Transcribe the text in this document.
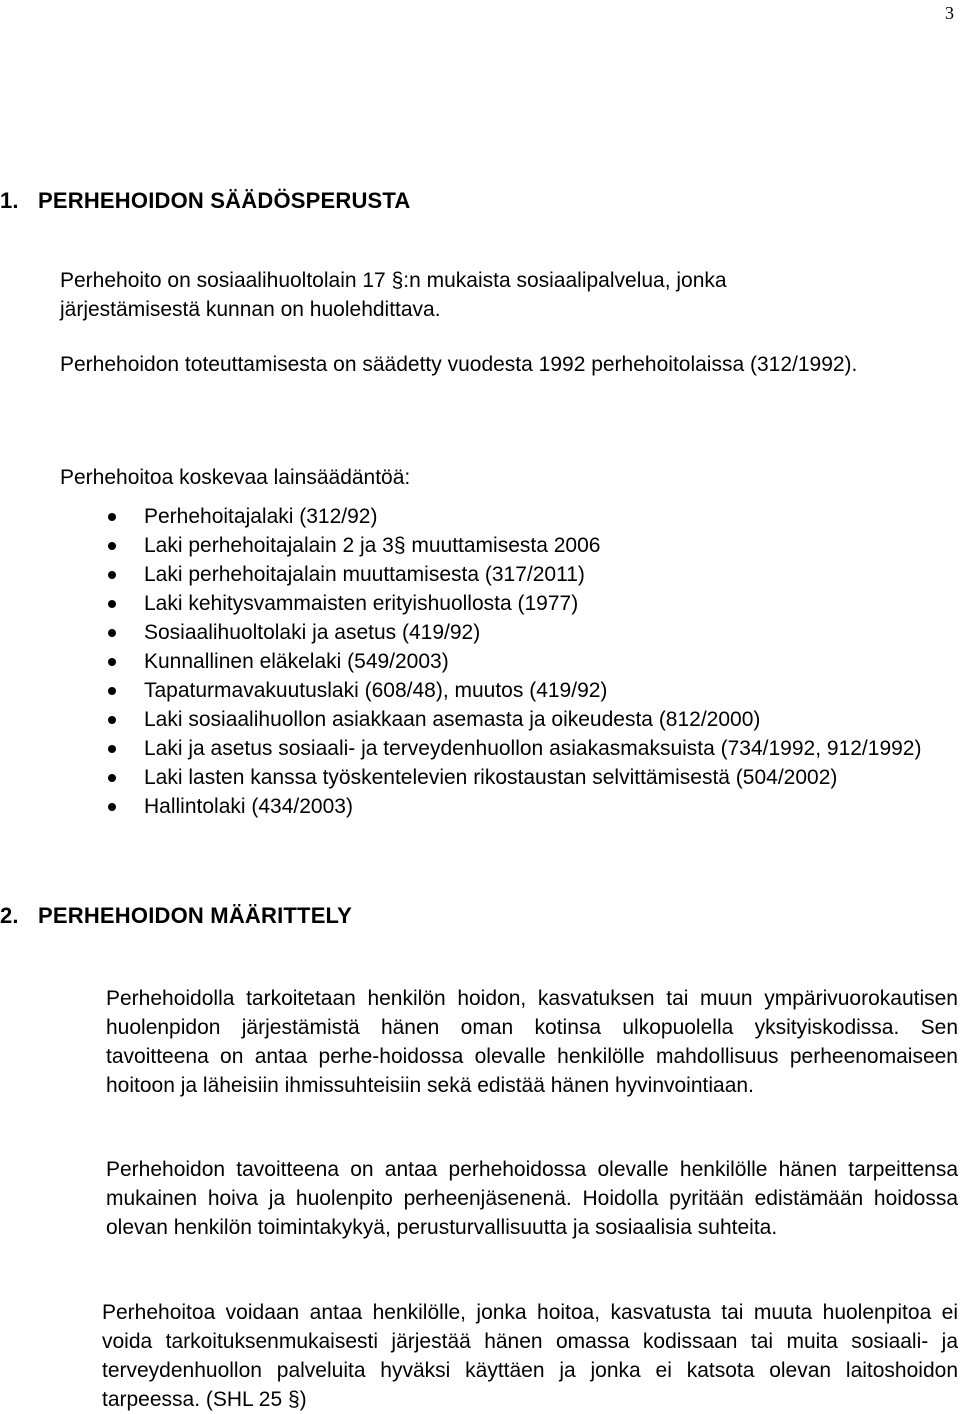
3
1. PERHEHOIDON SÄÄDÖSPERUSTA

Perhehoito on sosiaalihuoltolain 17 §:n mukaista sosiaalipalvelua, jonka järjestämisestä kunnan on huolehdittava.

Perhehoidon toteuttamisesta on säädetty vuodesta 1992 perhehoitolaissa (312/1992).

Perhehoitoa koskevaa lainsäädäntöä:

Perhehoitajalaki (312/92)
Laki perhehoitajalain 2 ja 3§ muuttamisesta 2006
Laki perhehoitajalain muuttamisesta (317/2011)
Laki kehitysvammaisten erityishuollosta (1977)
Sosiaalihuoltolaki ja asetus (419/92)
Kunnallinen eläkelaki (549/2003)
Tapaturmavakuutuslaki (608/48), muutos (419/92)
Laki sosiaalihuollon asiakkaan asemasta ja oikeudesta (812/2000)
Laki ja asetus sosiaali- ja terveydenhuollon asiakasmaksuista (734/1992, 912/1992)
Laki lasten kanssa työskentelevien rikostaustan selvittämisestä (504/2002)
Hallintolaki (434/2003)
2. PERHEHOIDON MÄÄRITTELY

Perhehoidolla tarkoitetaan henkilön hoidon, kasvatuksen tai muun ympärivuorokautisen huolenpidon järjestämistä hänen oman kotinsa ulkopuolella yksityiskodissa. Sen tavoitteena on antaa perhe-hoidossa olevalle henkilölle mahdollisuus perheenomaiseen hoitoon ja läheisiin ihmissuhteisiin sekä edistää hänen hyvinvointiaan.

Perhehoidon tavoitteena on antaa perhehoidossa olevalle henkilölle hänen tarpeittensa mukainen hoiva ja huolenpito perheenjäsenenä. Hoidolla pyritään edistämään hoidossa olevan henkilön toimintakykyä, perusturvallisuutta ja sosiaalisia suhteita.

Perhehoitoa voidaan antaa henkilölle, jonka hoitoa, kasvatusta tai muuta huolenpitoa ei voida tarkoituksenmukaisesti järjestää hänen omassa kodissaan tai muita sosiaali- ja terveydenhuollon palveluita hyväksi käyttäen ja jonka ei katsota olevan laitoshoidon tarpeessa. (SHL 25 §)
